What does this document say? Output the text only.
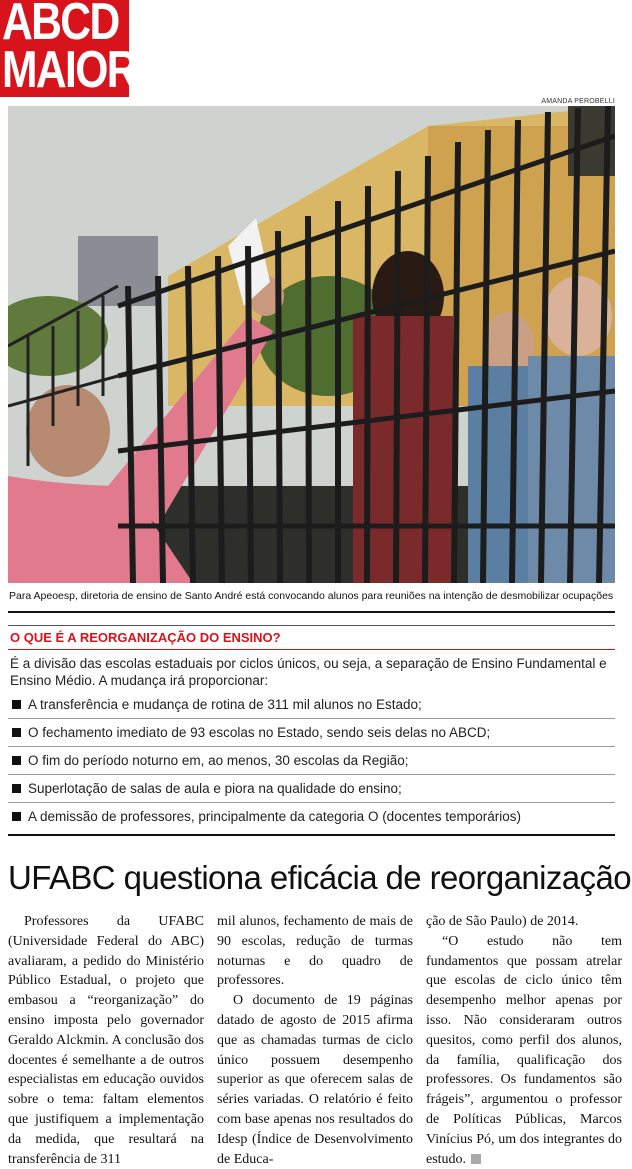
ABCD
MAIOR
AMANDA PEROBELLI
Para Apeoesp, diretoria de ensino de Santo André está convocando alunos para reuniões na intenção de desmobilizar ocupações
O QUE É A REORGANIZAÇÃO DO ENSINO?
É a divisão das escolas estaduais por ciclos únicos, ou seja, a separação de Ensino Fundamental e Ensino Médio. A mudança irá proporcionar:
A transferência e mudança de rotina de 311 mil alunos no Estado;
O fechamento imediato de 93 escolas no Estado, sendo seis delas no ABCD;
O fim do período noturno em, ao menos, 30 escolas da Região;
Superlotação de salas de aula e piora na qualidade do ensino;
A demissão de professores, principalmente da categoria O (docentes temporários)
UFABC questiona eficácia de reorganização

Professores da UFABC (Universidade Federal do ABC) avaliaram, a pedido do Ministério Público Estadual, o projeto que embasou a “reorganização” do ensino imposta pelo governador Geraldo Alckmin. A conclusão dos docentes é semelhante a de outros especialistas em educação ouvidos sobre o tema: faltam elementos que justifiquem a implementação da medida, que resultará na transferência de 311

mil alunos, fechamento de mais de 90 escolas, redução de turmas noturnas e do quadro de professores.

O documento de 19 páginas datado de agosto de 2015 afirma que as chamadas turmas de ciclo único possuem desempenho superior as que oferecem salas de séries variadas. O relatório é feito com base apenas nos resultados do Idesp (Índice de Desenvolvimento de Educa-

ção de São Paulo) de 2014.

“O estudo não tem fundamentos que possam atrelar que escolas de ciclo único têm desempenho melhor apenas por isso. Não consideraram outros quesitos, como perfil dos alunos, da família, qualificação dos professores. Os fundamentos são frágeis”, argumentou o professor de Políticas Públicas, Marcos Vinícius Pó, um dos integrantes do estudo.
